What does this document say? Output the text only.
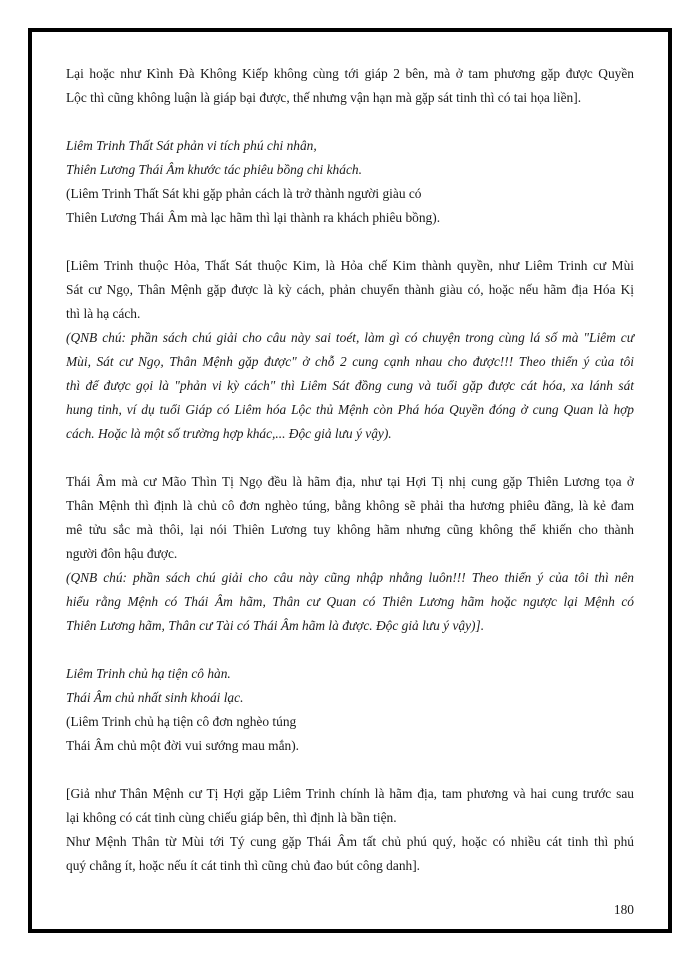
Lại hoặc như Kình Đà Không Kiếp không cùng tới giáp 2 bên, mà ở tam phương gặp được Quyền
Lộc thì cũng không luận là giáp bại được, thế nhưng vận hạn mà gặp sát tinh thì có tai họa liền].
Liêm Trinh Thất Sát phản vi tích phú chi nhân,
Thiên Lương Thái Âm khước tác phiêu bồng chi khách.
(Liêm Trinh Thất Sát khi gặp phản cách là trở thành người giàu có
Thiên Lương Thái Âm mà lạc hãm thì lại thành ra khách phiêu bồng).
[Liêm Trinh thuộc Hỏa, Thất Sát thuộc Kim, là Hỏa chế Kim thành quyền, như Liêm Trinh cư Mùi
Sát cư Ngọ, Thân Mệnh gặp được là kỳ cách, phản chuyển thành giàu có, hoặc nếu hãm địa Hóa Kị
thì là hạ cách.
(QNB chú: phần sách chú giải cho câu này sai toét, làm gì có chuyện trong cùng lá số mà "Liêm cư
Mùi, Sát cư Ngọ, Thân Mệnh gặp được" ở chỗ 2 cung cạnh nhau cho được!!! Theo thiển ý của tôi
thì để được gọi là "phản vi kỳ cách" thì Liêm Sát đồng cung và tuổi gặp được cát hóa, xa lánh sát
hung tinh, ví dụ tuổi Giáp có Liêm hóa Lộc thủ Mệnh còn Phá hóa Quyền đóng ở cung Quan là hợp
cách. Hoặc là một số trường hợp khác,... Độc giả lưu ý vậy).
Thái Âm mà cư Mão Thìn Tị Ngọ đều là hãm địa, như tại Hợi Tị nhị cung gặp Thiên Lương tọa ở
Thân Mệnh thì định là chủ cô đơn nghèo túng, bằng không sẽ phải tha hương phiêu đãng, là kẻ đam
mê tửu sắc mà thôi, lại nói Thiên Lương tuy không hãm nhưng cũng không thể khiến cho thành
người đôn hậu được.
(QNB chú: phần sách chú giải cho câu này cũng nhập nhằng luôn!!! Theo thiển ý của tôi thì nên
hiểu rằng Mệnh có Thái Âm hãm, Thân cư Quan có Thiên Lương hãm hoặc ngược lại Mệnh có
Thiên Lương hãm, Thân cư Tài có Thái Âm hãm là được. Độc giả lưu ý vậy)].
Liêm Trinh chủ hạ tiện cô hàn.
Thái Âm chủ nhất sinh khoái lạc.
(Liêm Trinh chủ hạ tiện cô đơn nghèo túng
Thái Âm chủ một đời vui sướng mau mắn).
[Giả như Thân Mệnh cư Tị Hợi gặp Liêm Trinh chính là hãm địa, tam phương và hai cung trước sau
lại không có cát tinh cùng chiếu giáp bên, thì định là bần tiện.
Như Mệnh Thân từ Mùi tới Tý cung gặp Thái Âm tất chủ phú quý, hoặc có nhiều cát tinh thì phú
quý chẳng ít, hoặc nếu ít cát tinh thì cũng chủ đao bút công danh].
180
